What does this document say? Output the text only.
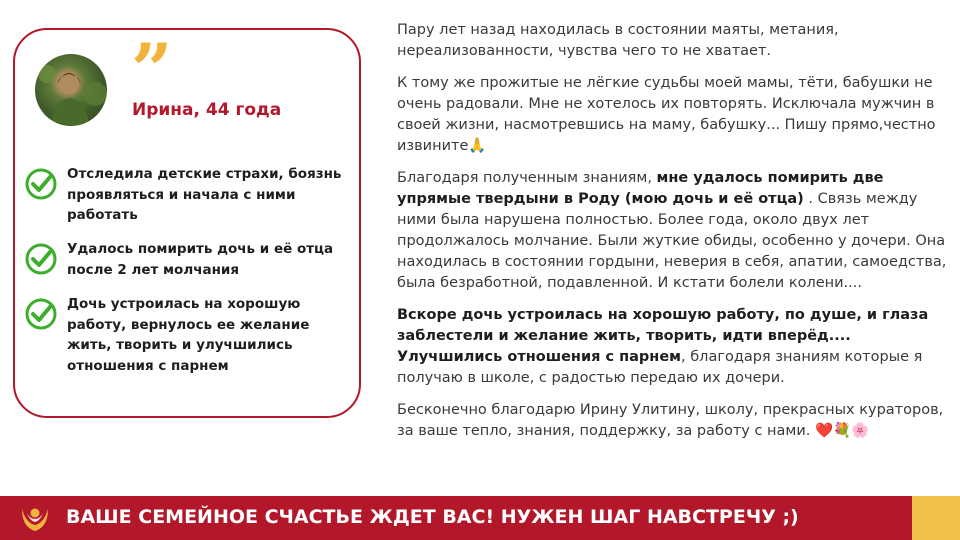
”
Ирина, 44 года
Отследила детские страхи, боязнь проявляться и начала с ними работать
Удалось помирить дочь и её отца после 2 лет молчания
Дочь устроилась на хорошую работу, вернулось ее желание жить, творить и улучшились отношения с парнем

Пару лет назад находилась в состоянии маяты, метания, нереализованности, чувства чего то не хватает.

К тому же прожитые не лёгкие судьбы моей мамы, тёти, бабушки не очень радовали. Мне не хотелось их повторять. Исключала мужчин в своей жизни, насмотревшись на маму, бабушку... Пишу прямо,честно извините🙏

Благодаря полученным знаниям, мне удалось помирить две упрямые твердыни в Роду (мою дочь и её отца) . Связь между ними была нарушена полностью. Более года, около двух лет продолжалось молчание. Были жуткие обиды, особенно у дочери. Она находилась в состоянии гордыни, неверия в себя, апатии, самоедства, была безработной, подавленной. И кстати болели колени....

Вскоре дочь устроилась на хорошую работу, по душе, и глаза заблестели и желание жить, творить, идти вперёд.... Улучшились отношения с парнем, благодаря знаниям которые я получаю в школе, с радостью передаю их дочери.

Бесконечно благодарю Ирину Улитину, школу, прекрасных кураторов, за ваше тепло, знания, поддержку, за работу с нами. ❤️💐🌸

ВАШЕ СЕМЕЙНОЕ СЧАСТЬЕ ЖДЕТ ВАС! НУЖЕН ШАГ НАВСТРЕЧУ ;)
